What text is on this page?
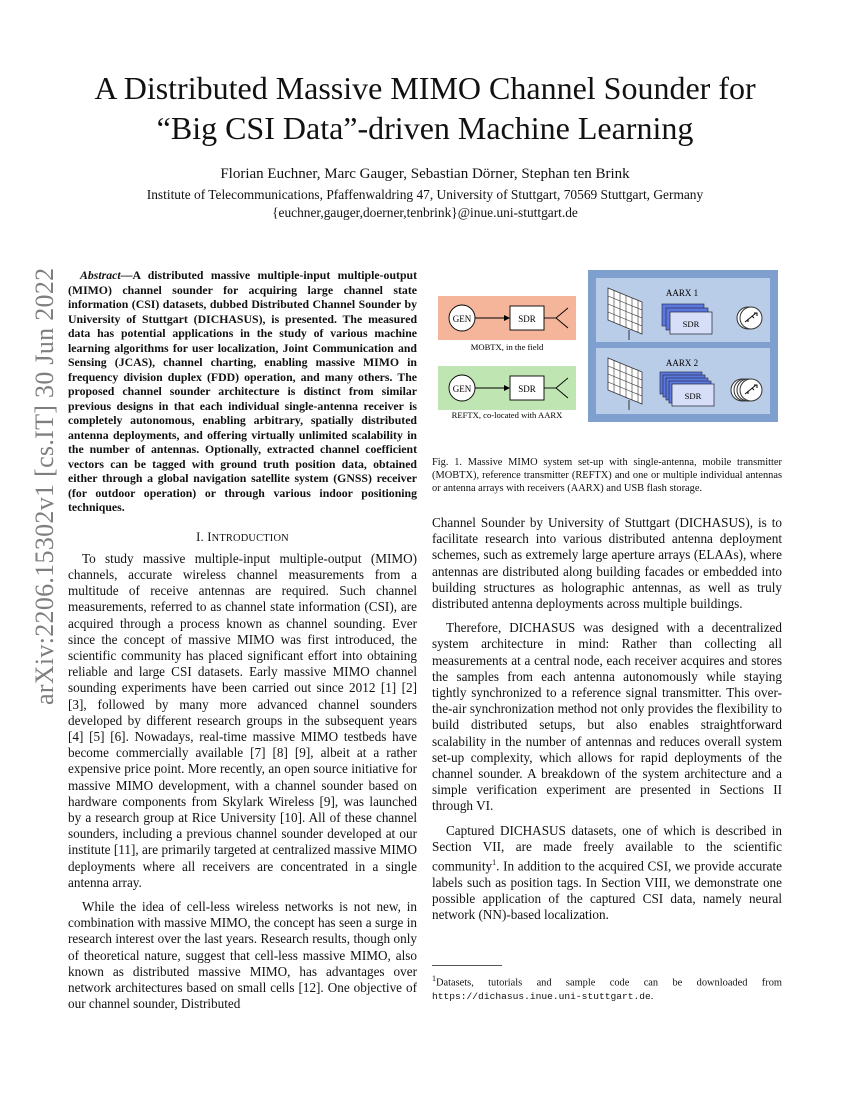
A Distributed Massive MIMO Channel Sounder for
“Big CSI Data”-driven Machine Learning
Florian Euchner, Marc Gauger, Sebastian Dörner, Stephan ten Brink
Institute of Telecommunications, Pfaffenwaldring 47, University of Stuttgart, 70569 Stuttgart, Germany
{euchner,gauger,doerner,tenbrink}@inue.uni-stuttgart.de
arXiv:2206.15302v1 [cs.IT] 30 Jun 2022	Abstract—A distributed massive multiple-input multiple-output (MIMO) channel sounder for acquiring large channel state information (CSI) datasets, dubbed Distributed Channel Sounder by University of Stuttgart (DICHASUS), is presented. The measured data has potential applications in the study of various machine learning algorithms for user localization, Joint Communication and Sensing (JCAS), channel charting, enabling massive MIMO in frequency division duplex (FDD) operation, and many others. The proposed channel sounder architecture is distinct from similar previous designs in that each individual single-antenna receiver is completely autonomous, enabling arbitrary, spatially distributed antenna deployments, and offering virtually unlimited scalability in the number of antennas. Optionally, extracted channel coefficient vectors can be tagged with ground truth position data, obtained either through a global navigation satellite system (GNSS) receiver (for outdoor operation) or through various indoor positioning techniques.

I. INTRODUCTION

To study massive multiple-input multiple-output (MIMO) channels, accurate wireless channel measurements from a multitude of receive antennas are required. Such channel measurements, referred to as channel state information (CSI), are acquired through a process known as channel sounding. Ever since the concept of massive MIMO was first introduced, the scientific community has placed significant effort into obtaining reliable and large CSI datasets. Early massive MIMO channel sounding experiments have been carried out since 2012 [1] [2] [3], followed by many more advanced channel sounders developed by different research groups in the subsequent years [4] [5] [6]. Nowadays, real-time massive MIMO testbeds have become commercially available [7] [8] [9], albeit at a rather expensive price point. More recently, an open source initiative for massive MIMO development, with a channel sounder based on hardware components from Skylark Wireless [9], was launched by a research group at Rice University [10]. All of these channel sounders, including a previous channel sounder developed at our institute [11], are primarily targeted at centralized massive MIMO deployments where all receivers are concentrated in a single antenna array.

While the idea of cell-less wireless networks is not new, in combination with massive MIMO, the concept has seen a surge in research interest over the last years. Research results, though only of theoretical nature, suggest that cell-less massive MIMO, also known as distributed massive MIMO, has advantages over network architectures based on small cells [12]. One objective of our channel sounder, Distributed

GEN	SDR
MOBTX, in the field
GEN	SDR
REFTX, co-located with AARX
AARX 1
SDR
AARX 2
SDR
Fig. 1. Massive MIMO system set-up with single-antenna, mobile transmitter (MOBTX), reference transmitter (REFTX) and one or multiple individual antennas or antenna arrays with receivers (AARX) and USB flash storage.

Channel Sounder by University of Stuttgart (DICHASUS), is to facilitate research into various distributed antenna deployment schemes, such as extremely large aperture arrays (ELAAs), where antennas are distributed along building facades or embedded into building structures as holographic antennas, as well as truly distributed antenna deployments across multiple buildings.

Therefore, DICHASUS was designed with a decentralized system architecture in mind: Rather than collecting all measurements at a central node, each receiver acquires and stores the samples from each antenna autonomously while staying tightly synchronized to a reference signal transmitter. This over-the-air synchronization method not only provides the flexibility to build distributed setups, but also enables straightforward scalability in the number of antennas and reduces overall system set-up complexity, which allows for rapid deployments of the channel sounder. A breakdown of the system architecture and a simple verification experiment are presented in Sections II through VI.

Captured DICHASUS datasets, one of which is described in Section VII, are made freely available to the scientific community$^1$. In addition to the acquired CSI, we provide accurate labels such as position tags. In Section VIII, we demonstrate one possible application of the captured CSI data, namely neural network (NN)-based localization.

$^1$Datasets, tutorials and sample code can be downloaded from https://dichasus.inue.uni-stuttgart.de.
